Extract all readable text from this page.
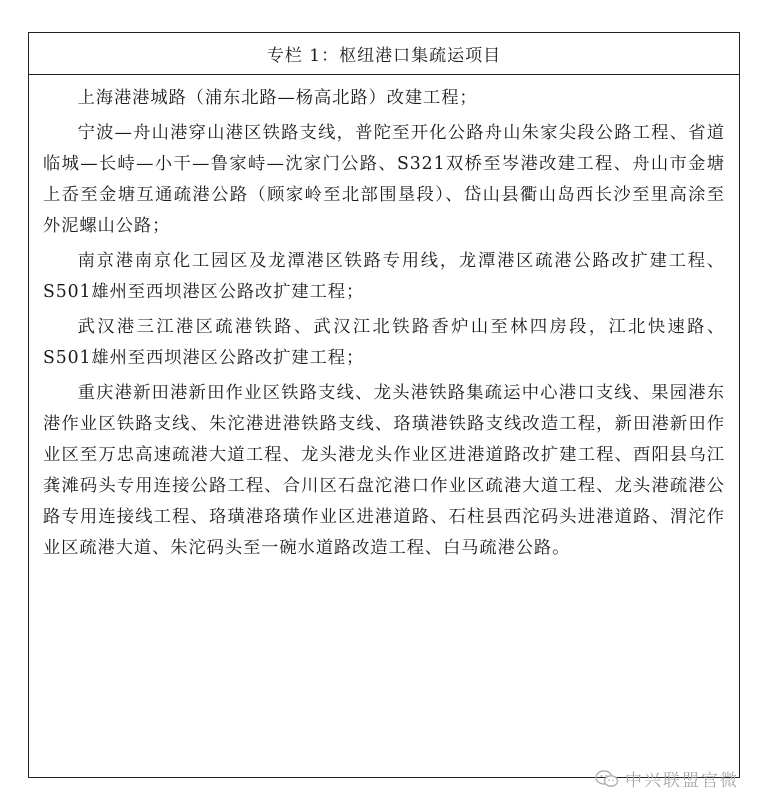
专栏 1：枢纽港口集疏运项目

上海港港城路（浦东北路—杨高北路）改建工程；

宁波—舟山港穿山港区铁路支线，普陀至开化公路舟山朱家尖段公路工程、省道临城—长峙—小干—鲁家峙—沈家门公路、S321双桥至岑港改建工程、舟山市金塘上岙至金塘互通疏港公路（顾家岭至北部围垦段）、岱山县衢山岛西长沙至里高涂至外泥螺山公路；

南京港南京化工园区及龙潭港区铁路专用线，龙潭港区疏港公路改扩建工程、S501雄州至西坝港区公路改扩建工程；

武汉港三江港区疏港铁路、武汉江北铁路香炉山至林四房段，江北快速路、S501雄州至西坝港区公路改扩建工程；

重庆港新田港新田作业区铁路支线、龙头港铁路集疏运中心港口支线、果园港东港作业区铁路支线、朱沱港进港铁路支线、珞璜港铁路支线改造工程，新田港新田作业区至万忠高速疏港大道工程、龙头港龙头作业区进港道路改扩建工程、酉阳县乌江龚滩码头专用连接公路工程、合川区石盘沱港口作业区疏港大道工程、龙头港疏港公路专用连接线工程、珞璜港珞璜作业区进港道路、石柱县西沱码头进港道路、渭沱作业区疏港大道、朱沱码头至一碗水道路改造工程、白马疏港公路。

中兴联盟官微
